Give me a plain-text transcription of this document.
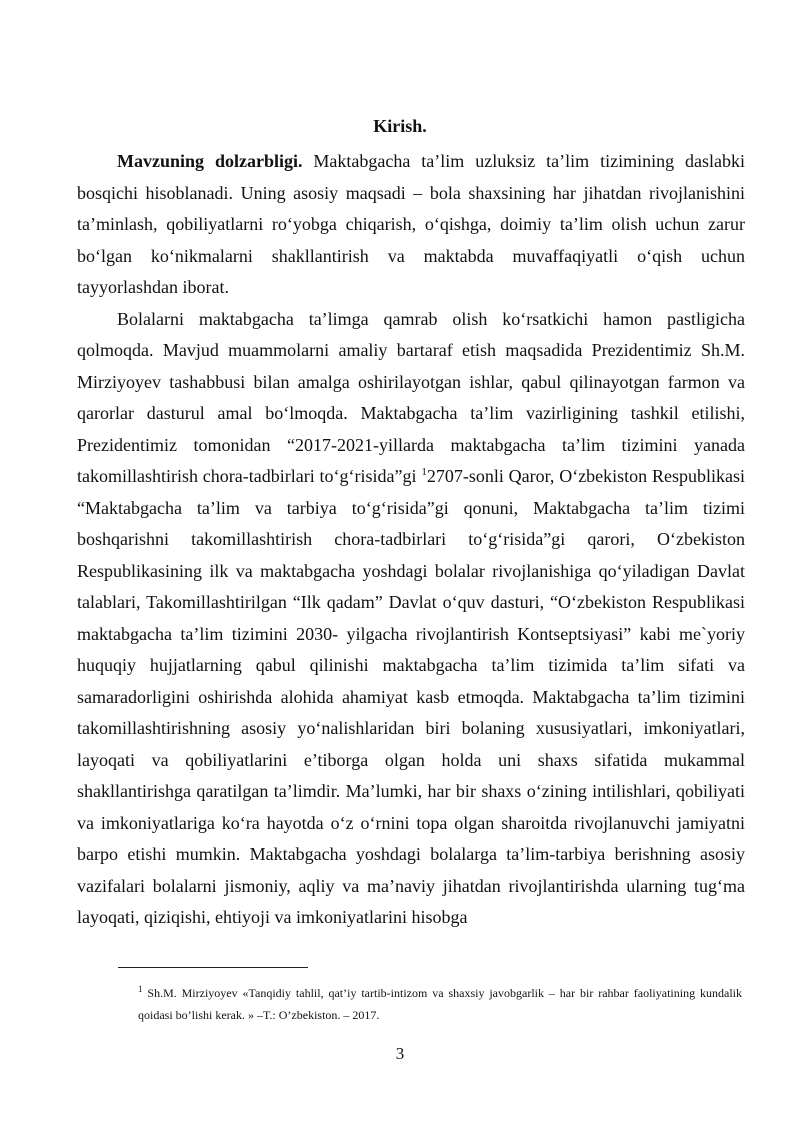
Kirish.

Mavzuning dolzarbligi. Maktabgacha ta’lim uzluksiz ta’lim tizimining daslabki bosqichi hisoblanadi. Uning asosiy maqsadi – bola shaxsining har jihatdan rivojlanishini ta’minlash, qobiliyatlarni ro‘yobga chiqarish, o‘qishga, doimiy ta’lim olish uchun zarur bo‘lgan ko‘nikmalarni shakllantirish va maktabda muvaffaqiyatli o‘qish uchun tayyorlashdan iborat.

Bolalarni maktabgacha ta’limga qamrab olish ko‘rsatkichi hamon pastligicha qolmoqda. Mavjud muammolarni amaliy bartaraf etish maqsadida Prezidentimiz Sh.M. Mirziyoyev tashabbusi bilan amalga oshirilayotgan ishlar, qabul qilinayotgan farmon va qarorlar dasturul amal bo‘lmoqda. Maktabgacha ta’lim vazirligining tashkil etilishi, Prezidentimiz tomonidan “2017-2021-yillarda maktabgacha ta’lim tizimini yanada takomillashtirish chora-tadbirlari to‘g‘risida”gi $^1$2707-sonli Qaror, O‘zbekiston Respublikasi “Maktabgacha ta’lim va tarbiya to‘g‘risida”gi qonuni, Maktabgacha ta’lim tizimi boshqarishni takomillashtirish chora-tadbirlari to‘g‘risida”gi qarori, O‘zbekiston Respublikasining ilk va maktabgacha yoshdagi bolalar rivojlanishiga qo‘yiladigan Davlat talablari, Takomillashtirilgan “Ilk qadam” Davlat o‘quv dasturi, “O‘zbekiston Respublikasi maktabgacha ta’lim tizimini 2030- yilgacha rivojlantirish Kontseptsiyasi” kabi me`yoriy huquqiy hujjatlarning qabul qilinishi maktabgacha ta’lim tizimida ta’lim sifati va samaradorligini oshirishda alohida ahamiyat kasb etmoqda. Maktabgacha ta’lim tizimini takomillashtirishning asosiy yo‘nalishlaridan biri bolaning xususiyatlari, imkoniyatlari, layoqati va qobiliyatlarini e’tiborga olgan holda uni shaxs sifatida mukammal shakllantirishga qaratilgan ta’limdir. Ma’lumki, har bir shaxs o‘zining intilishlari, qobiliyati va imkoniyatlariga ko‘ra hayotda o‘z o‘rnini topa olgan sharoitda rivojlanuvchi jamiyatni barpo etishi mumkin. Maktabgacha yoshdagi bolalarga ta’lim-tarbiya berishning asosiy vazifalari bolalarni jismoniy, aqliy va ma’naviy jihatdan rivojlantirishda ularning tug‘ma layoqati, qiziqishi, ehtiyoji va imkoniyatlarini hisobga

$^1$ Sh.M. Mirziyoyev «Tanqidiy tahlil, qat’iy tartib-intizom va shaxsiy javobgarlik – har bir rahbar faoliyatining kundalik qoidasi bo’lishi kerak. » –T.: O’zbekiston. – 2017.
3
